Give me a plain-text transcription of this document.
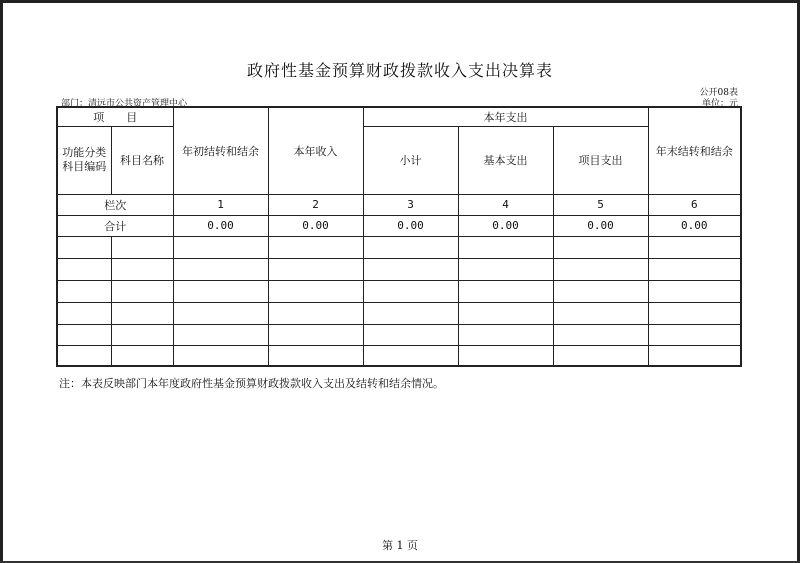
政府性基金预算财政拨款收入支出决算表
公开08表
单位：元
部门：清远市公共资产管理中心
项　　目		年初结转和结余	本年收入	本年支出			年末结转和结余
功能分类
科目编码	科目名称			小计	基本支出	项目支出	
栏次		1	2	3	4	5	6
合计		0.00	0.00	0.00	0.00	0.00	0.00

注：本表反映部门本年度政府性基金预算财政拨款收入支出及结转和结余情况。
第 1 页
